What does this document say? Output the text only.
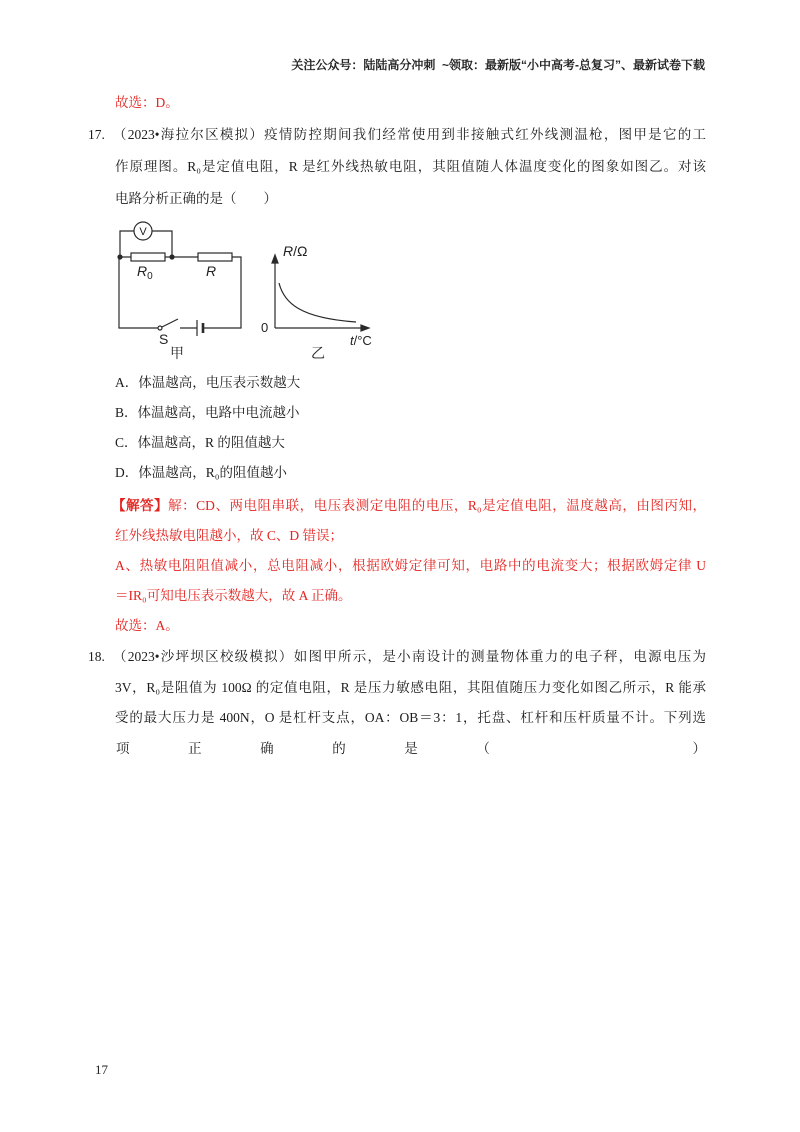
关注公众号：陆陆高分冲刺  ~领取：最新版“小中高考-总复习”、最新试卷下载
故选：D。
17. （2023•海拉尔区模拟）疫情防控期间我们经常使用到非接触式红外线测温枪，图甲是它的工
作原理图。R₀是定值电阻，R 是红外线热敏电阻，其阻值随人体温度变化的图象如图乙。对该
电路分析正确的是（　　）
V
$R_0$	R
S
甲
R/Ω
0
t/°C
乙
A．体温越高，电压表示数越大
B．体温越高，电路中电流越小
C．体温越高，R 的阻值越大
D．体温越高，R₀的阻值越小
【解答】解：CD、两电阻串联，电压表测定电阻的电压，R₀是定值电阻，温度越高，由图丙知，
红外线热敏电阻越小，故 C、D 错误；
A、热敏电阻阻值减小，总电阻减小，根据欧姆定律可知，电路中的电流变大；根据欧姆定律 U
＝IR₀可知电压表示数越大，故 A 正确。
故选：A。
18. （2023•沙坪坝区校级模拟）如图甲所示，是小南设计的测量物体重力的电子秤，电源电压为
3V，R₀是阻值为 100Ω 的定值电阻，R 是压力敏感电阻，其阻值随压力变化如图乙所示，R 能承
受的最大压力是 400N，O 是杠杆支点，OA：OB＝3：1，托盘、杠杆和压杆质量不计。下列选
项	正	确	的	是	（

　	）
17
